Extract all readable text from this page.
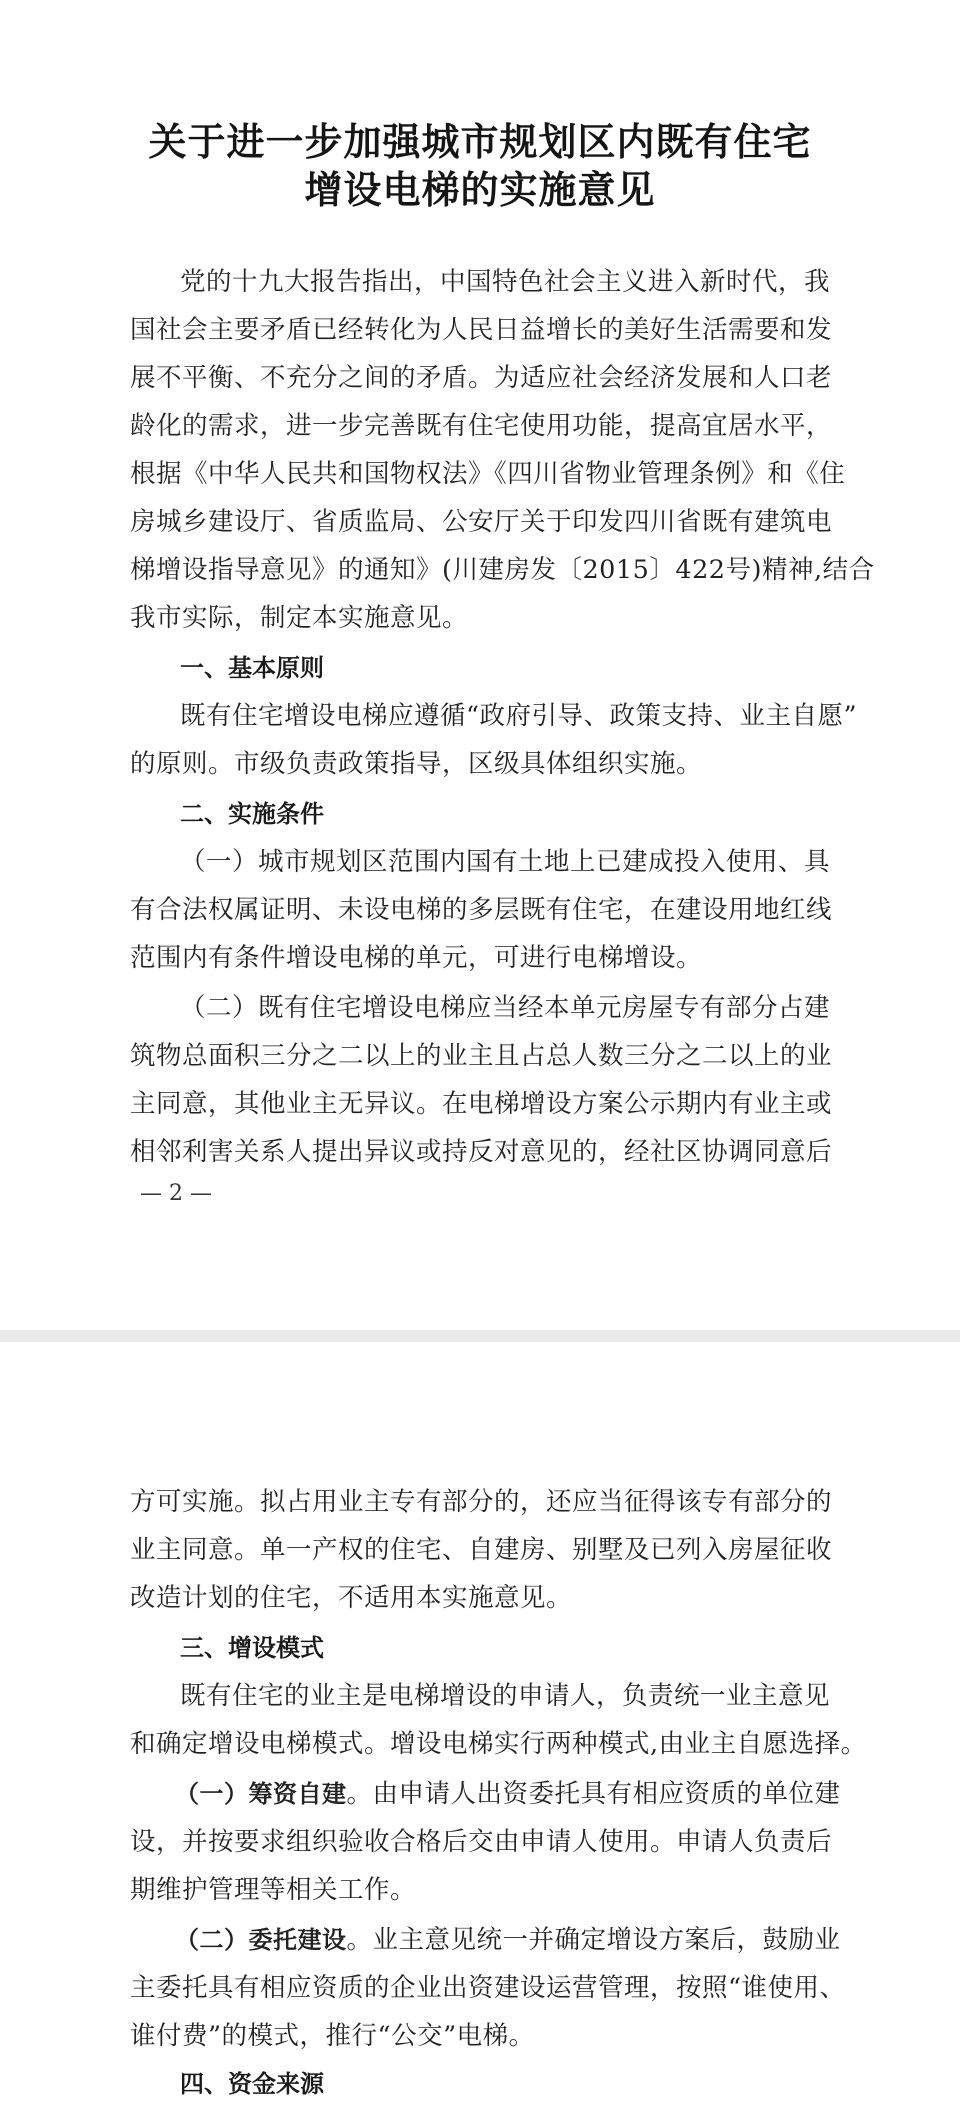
关于进一步加强城市规划区内既有住宅
增设电梯的实施意见
党的十九大报告指出，中国特色社会主义进入新时代，我
国社会主要矛盾已经转化为人民日益增长的美好生活需要和发
展不平衡、不充分之间的矛盾。为适应社会经济发展和人口老
龄化的需求，进一步完善既有住宅使用功能，提高宜居水平，
根据《中华人民共和国物权法》《四川省物业管理条例》和《住
房城乡建设厅、省质监局、公安厅关于印发四川省既有建筑电
梯增设指导意见》的通知》(川建房发〔2015〕422号)精神,结合
我市实际，制定本实施意见。
一、基本原则
既有住宅增设电梯应遵循“政府引导、政策支持、业主自愿”
的原则。市级负责政策指导，区级具体组织实施。
二、实施条件
（一）城市规划区范围内国有土地上已建成投入使用、具
有合法权属证明、未设电梯的多层既有住宅，在建设用地红线
范围内有条件增设电梯的单元，可进行电梯增设。
（二）既有住宅增设电梯应当经本单元房屋专有部分占建
筑物总面积三分之二以上的业主且占总人数三分之二以上的业
主同意，其他业主无异议。在电梯增设方案公示期内有业主或
相邻利害关系人提出异议或持反对意见的，经社区协调同意后
— 2 —
方可实施。拟占用业主专有部分的，还应当征得该专有部分的
业主同意。单一产权的住宅、自建房、别墅及已列入房屋征收
改造计划的住宅，不适用本实施意见。
三、增设模式
既有住宅的业主是电梯增设的申请人，负责统一业主意见
和确定增设电梯模式。增设电梯实行两种模式,由业主自愿选择。
（一）筹资自建。由申请人出资委托具有相应资质的单位建
设，并按要求组织验收合格后交由申请人使用。申请人负责后
期维护管理等相关工作。
（二）委托建设。业主意见统一并确定增设方案后，鼓励业
主委托具有相应资质的企业出资建设运营管理，按照“谁使用、
谁付费”的模式，推行“公交”电梯。
四、资金来源
